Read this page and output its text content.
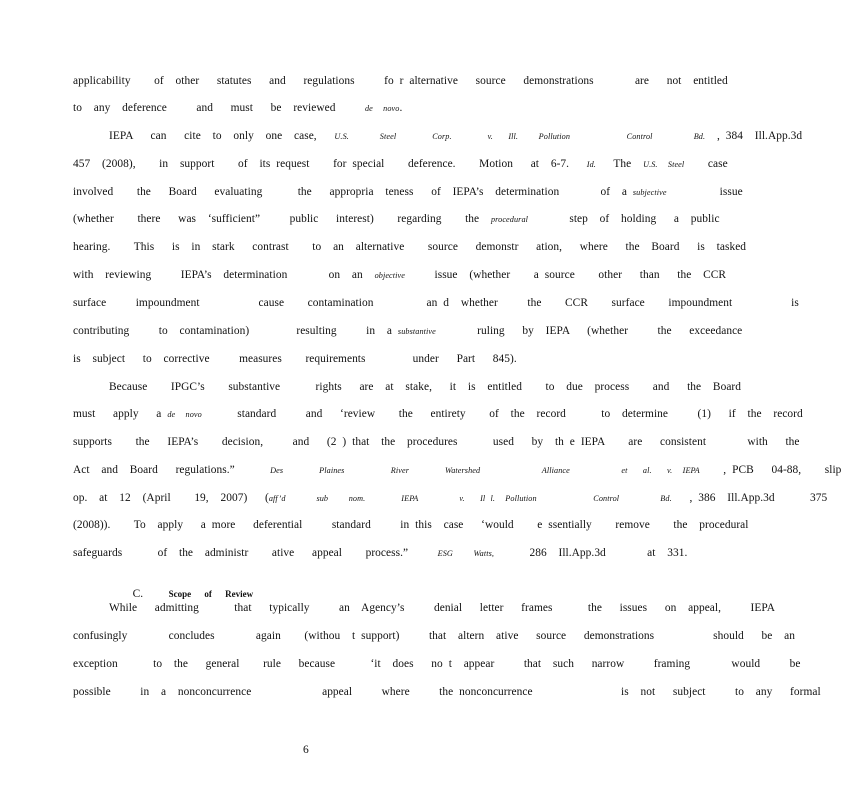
applicability    of  other   statutes   and   regulations     fo r alternative   source   demonstrations       are   not  entitled
to  any  deference     and   must   be  reviewed     de  novo.
IEPA   can   cite  to  only  one  case,   U.S.      Steel       Corp.       v.   Ill.    Pollution           Control        Bd.  , 384  Ill.App.3d
457  (2008),    in  support    of  its request    for special    deference.    Motion   at  6-7.   Id.   The  U.S.  Steel    case
involved    the   Board   evaluating      the   appropria  teness   of  IEPA’s  determination       of  a subjective         issue
(whether    there   was  ‘sufficient”     public   interest)    regarding    the  procedural       step  of  holding   a  public
hearing.    This   is  in  stark   contrast    to  an  alternative    source   demonstr   ation,   where   the  Board   is  tasked
with  reviewing     IEPA’s  determination       on  an  objective     issue  (whether    a source    other   than   the  CCR
surface     impoundment          cause    contamination         an d  whether     the    CCR    surface    impoundment          is
contributing     to  contamination)        resulting     in  a substantive       ruling   by  IEPA   (whether     the   exceedance
is  subject   to  corrective     measures    requirements        under   Part   845).
Because    IPGC’s    substantive      rights   are  at  stake,   it  is  entitled    to  due  process    and   the  Board
must   apply   a de  novo      standard     and   ‘review    the   entirety    of  the  record      to  determine     (1)   if  the  record
supports    the   IEPA’s    decision,     and   (2 ) that  the  procedures      used   by  th e IEPA    are   consistent       with   the
Act  and  Board   regulations.”      Des       Plaines         River       Watershed            Alliance          et   al.   v.  IEPA    , PCB   04-88,    slip
op.  at  12  (April    19,  2007)   (aff’d      sub    nom.       IEPA        v.   Il l.  Pollution           Control        Bd.   , 386  Ill.App.3d      375
(2008)).    To  apply   a more   deferential     standard     in this  case   ‘would    e ssentially    remove    the  procedural
safeguards      of  the  administr    ative   appeal    process.”     ESG    Watts,      286  Ill.App.3d       at  331.
While   admitting      that   typically     an  Agency’s     denial   letter   frames      the   issues   on  appeal,     IEPA
confusingly       concludes       again    (withou  t support)     that  altern  ative   source   demonstrations          should   be  an
exception      to  the   general    rule   because      ‘it  does   no t  appear     that  such   narrow     framing       would     be
possible     in  a  nonconcurrence            appeal     where     the nonconcurrence               is  not   subject     to  any   formal

C.	Scope of Review

6
